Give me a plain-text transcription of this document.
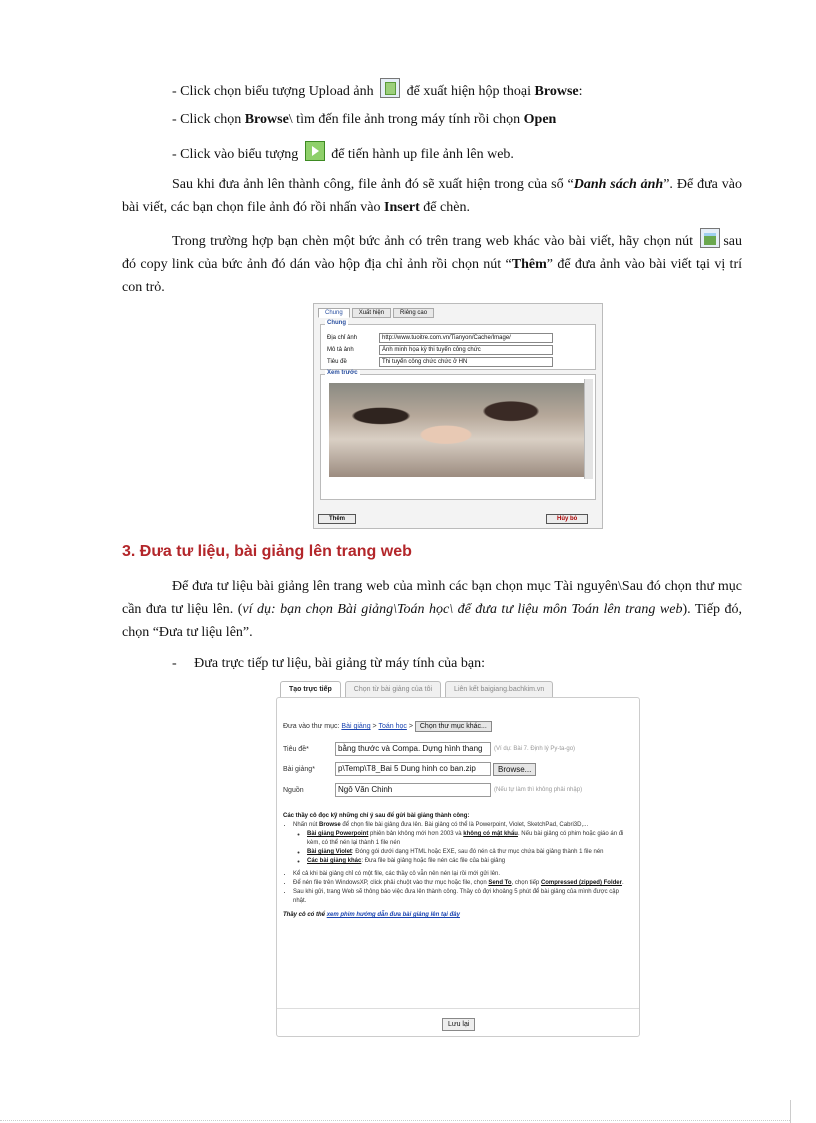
- Click chọn biểu tượng Upload ảnh  để xuất hiện hộp thoại Browse:
- Click chọn Browse\ tìm đến file ảnh trong máy tính rồi chọn Open
- Click vào biểu tượng  để tiến hành up file ảnh lên web.
Sau khi đưa ảnh lên thành công, file ảnh đó sẽ xuất hiện trong của sổ “Danh sách ảnh”. Để đưa vào bài viết, các bạn chọn file ảnh đó rồi nhấn vào Insert để chèn.
Trong trường hợp bạn chèn một bức ảnh có trên trang web khác vào bài viết, hãy chọn nút sau đó copy link của bức ảnh đó dán vào hộp địa chỉ ảnh rồi chọn nút “Thêm” để đưa ảnh vào bài viết tại vị trí con trỏ.
Chung	Xuất hiện	Riêng cao
Chung
Địa chỉ ảnh	http://www.tuoitre.com.vn/Tianyon/Cache/Image/
Mô tả ảnh	Ảnh minh họa kỳ thi tuyển công chức
Tiêu đề	Thi tuyển công chức chức ở HN
Xem trước
Thêm	Hủy bỏ
3. Đưa tư liệu, bài giảng lên trang web
Để đưa tư liệu bài giảng lên trang web của mình các bạn chọn mục Tài nguyên\Sau đó chọn thư mục cần đưa tư liệu lên. (ví dụ: bạn chọn Bài giảng\Toán học\ để đưa tư liệu môn Toán lên trang web). Tiếp đó, chọn “Đưa tư liệu lên”.
-     Đưa trực tiếp tư liệu, bài giảng từ máy tính của bạn:
Tạo trực tiếp	Chọn từ bài giảng của tôi	Liên kết baigiang.bachkim.vn
Đưa vào thư mục: Bài giảng > Toán học > Chọn thư mục khác...
Tiêu đề*	bằng thước và Compa. Dựng hình thang	(Ví dụ: Bài 7. Định lý Py-ta-go)
Bài giảng*	p\Temp\T8_Bai 5 Dung hinh co ban.zip	Browse...
Nguồn	Ngô Văn Chinh	(Nếu tự làm thì không phải nhập)
Các thầy cô đọc kỹ những chỉ ý sau để gửi bài giảng thành công:
• Nhấn nút Browse để chọn file bài giảng đưa lên. Bài giảng có thể là Powerpoint, Violet, SketchPad, Cabri3D,...
◦ Bài giảng Powerpoint phiên bản không mới hơn 2003 và không có mật khẩu. Nếu bài giảng có phim hoặc giáo án đi kèm, có thể nén lại thành 1 file nén
◦ Bài giảng Violet: Đóng gói dưới dạng HTML hoặc EXE, sau đó nén cả thư mục chứa bài giảng thành 1 file nén
◦ Các bài giảng khác: Đưa file bài giảng hoặc file nén các file của bài giảng
• Kể cả khi bài giảng chỉ có một file, các thầy cô vẫn nên nén lại rồi mới gửi lên.
• Để nén file trên WindowsXP, click phải chuột vào thư mục hoặc file, chọn Send To, chọn tiếp Compressed (zipped) Folder.
• Sau khi gửi, trang Web sẽ thông báo việc đưa lên thành công. Thầy cô đợi khoảng 5 phút để bài giảng của mình được cập nhật.
Thầy cô có thể xem phim hướng dẫn đưa bài giảng lên tại đây
Lưu lại
